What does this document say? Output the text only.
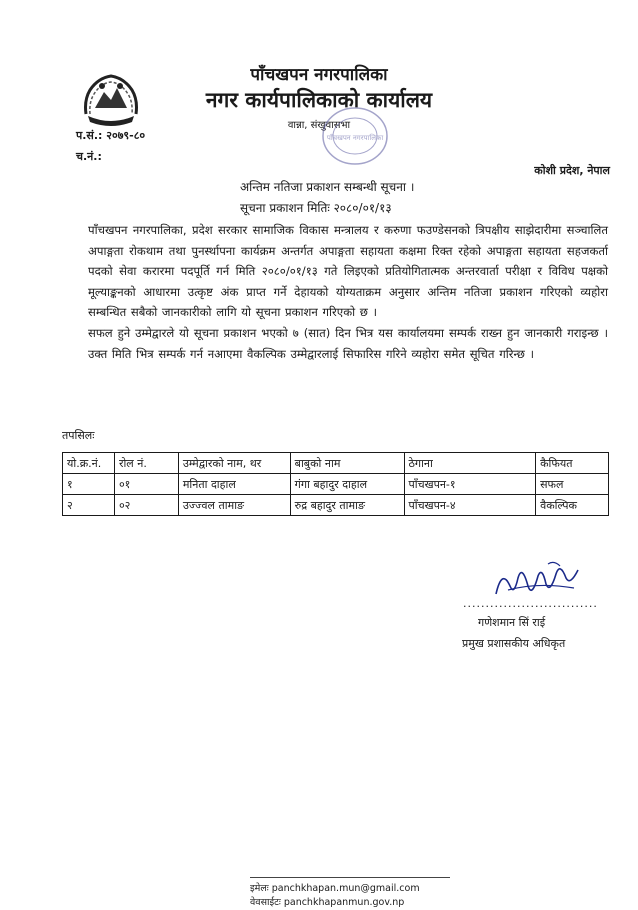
पाँचखपन नगरपालिका
नगर कार्यपालिकाको कार्यालय
वान्ना, संखुवासभा
पाँचखपन नगरपालिका
प.सं.: २०७९-८०
च.नं.:
कोशी प्रदेश, नेपाल
अन्तिम नतिजा प्रकाशन सम्बन्धी सूचना ।
सूचना प्रकाशन मितिः २०८०/०१/१३

पाँचखपन नगरपालिका, प्रदेश सरकार सामाजिक विकास मन्त्रालय र करुणा फउण्डेसनको त्रिपक्षीय साझेदारीमा सञ्चालित अपाङ्गता रोकथाम तथा पुनर्स्थापना कार्यक्रम अन्तर्गत अपाङ्गता सहायता कक्षमा रिक्त रहेको अपाङ्गता सहायता सहजकर्ता पदको सेवा करारमा पदपूर्ति गर्न मिति २०८०/०१/१३ गते लिइएको प्रतियोगितात्मक अन्तरवार्ता परीक्षा र विविध पक्षको मूल्याङ्कनको आधारमा उत्कृष्ट अंक प्राप्त गर्ने देहायको योग्यताक्रम अनुसार अन्तिम नतिजा प्रकाशन गरिएको व्यहोरा सम्बन्धित सबैको जानकारीको लागि यो सूचना प्रकाशन गरिएको छ ।

सफल हुने उम्मेद्वारले यो सूचना प्रकाशन भएको ७ (सात) दिन भित्र यस कार्यालयमा सम्पर्क राख्न हुन जानकारी गराइन्छ । उक्त मिति भित्र सम्पर्क गर्न नआएमा वैकल्पिक उम्मेद्वारलाई सिफारिस गरिने व्यहोरा समेत सूचित गरिन्छ ।

तपसिलः
यो.क्र.नं.	रोल नं.	उम्मेद्वारको नाम, थर	बाबुको नाम	ठेगाना	कैफियत
१	०१	मनिता दाहाल	गंगा बहादुर दाहाल	पाँचखपन-१	सफल
२	०२	उज्ज्वल तामाङ	रुद्र बहादुर तामाङ	पाँचखपन-४	वैकल्पिक
..............................
गणेशमान सिं राई
प्रमुख प्रशासकीय अधिकृत
इमेलः panchkhapan.mun@gmail.com
वेवसाईटः panchkhapanmun.gov.np
